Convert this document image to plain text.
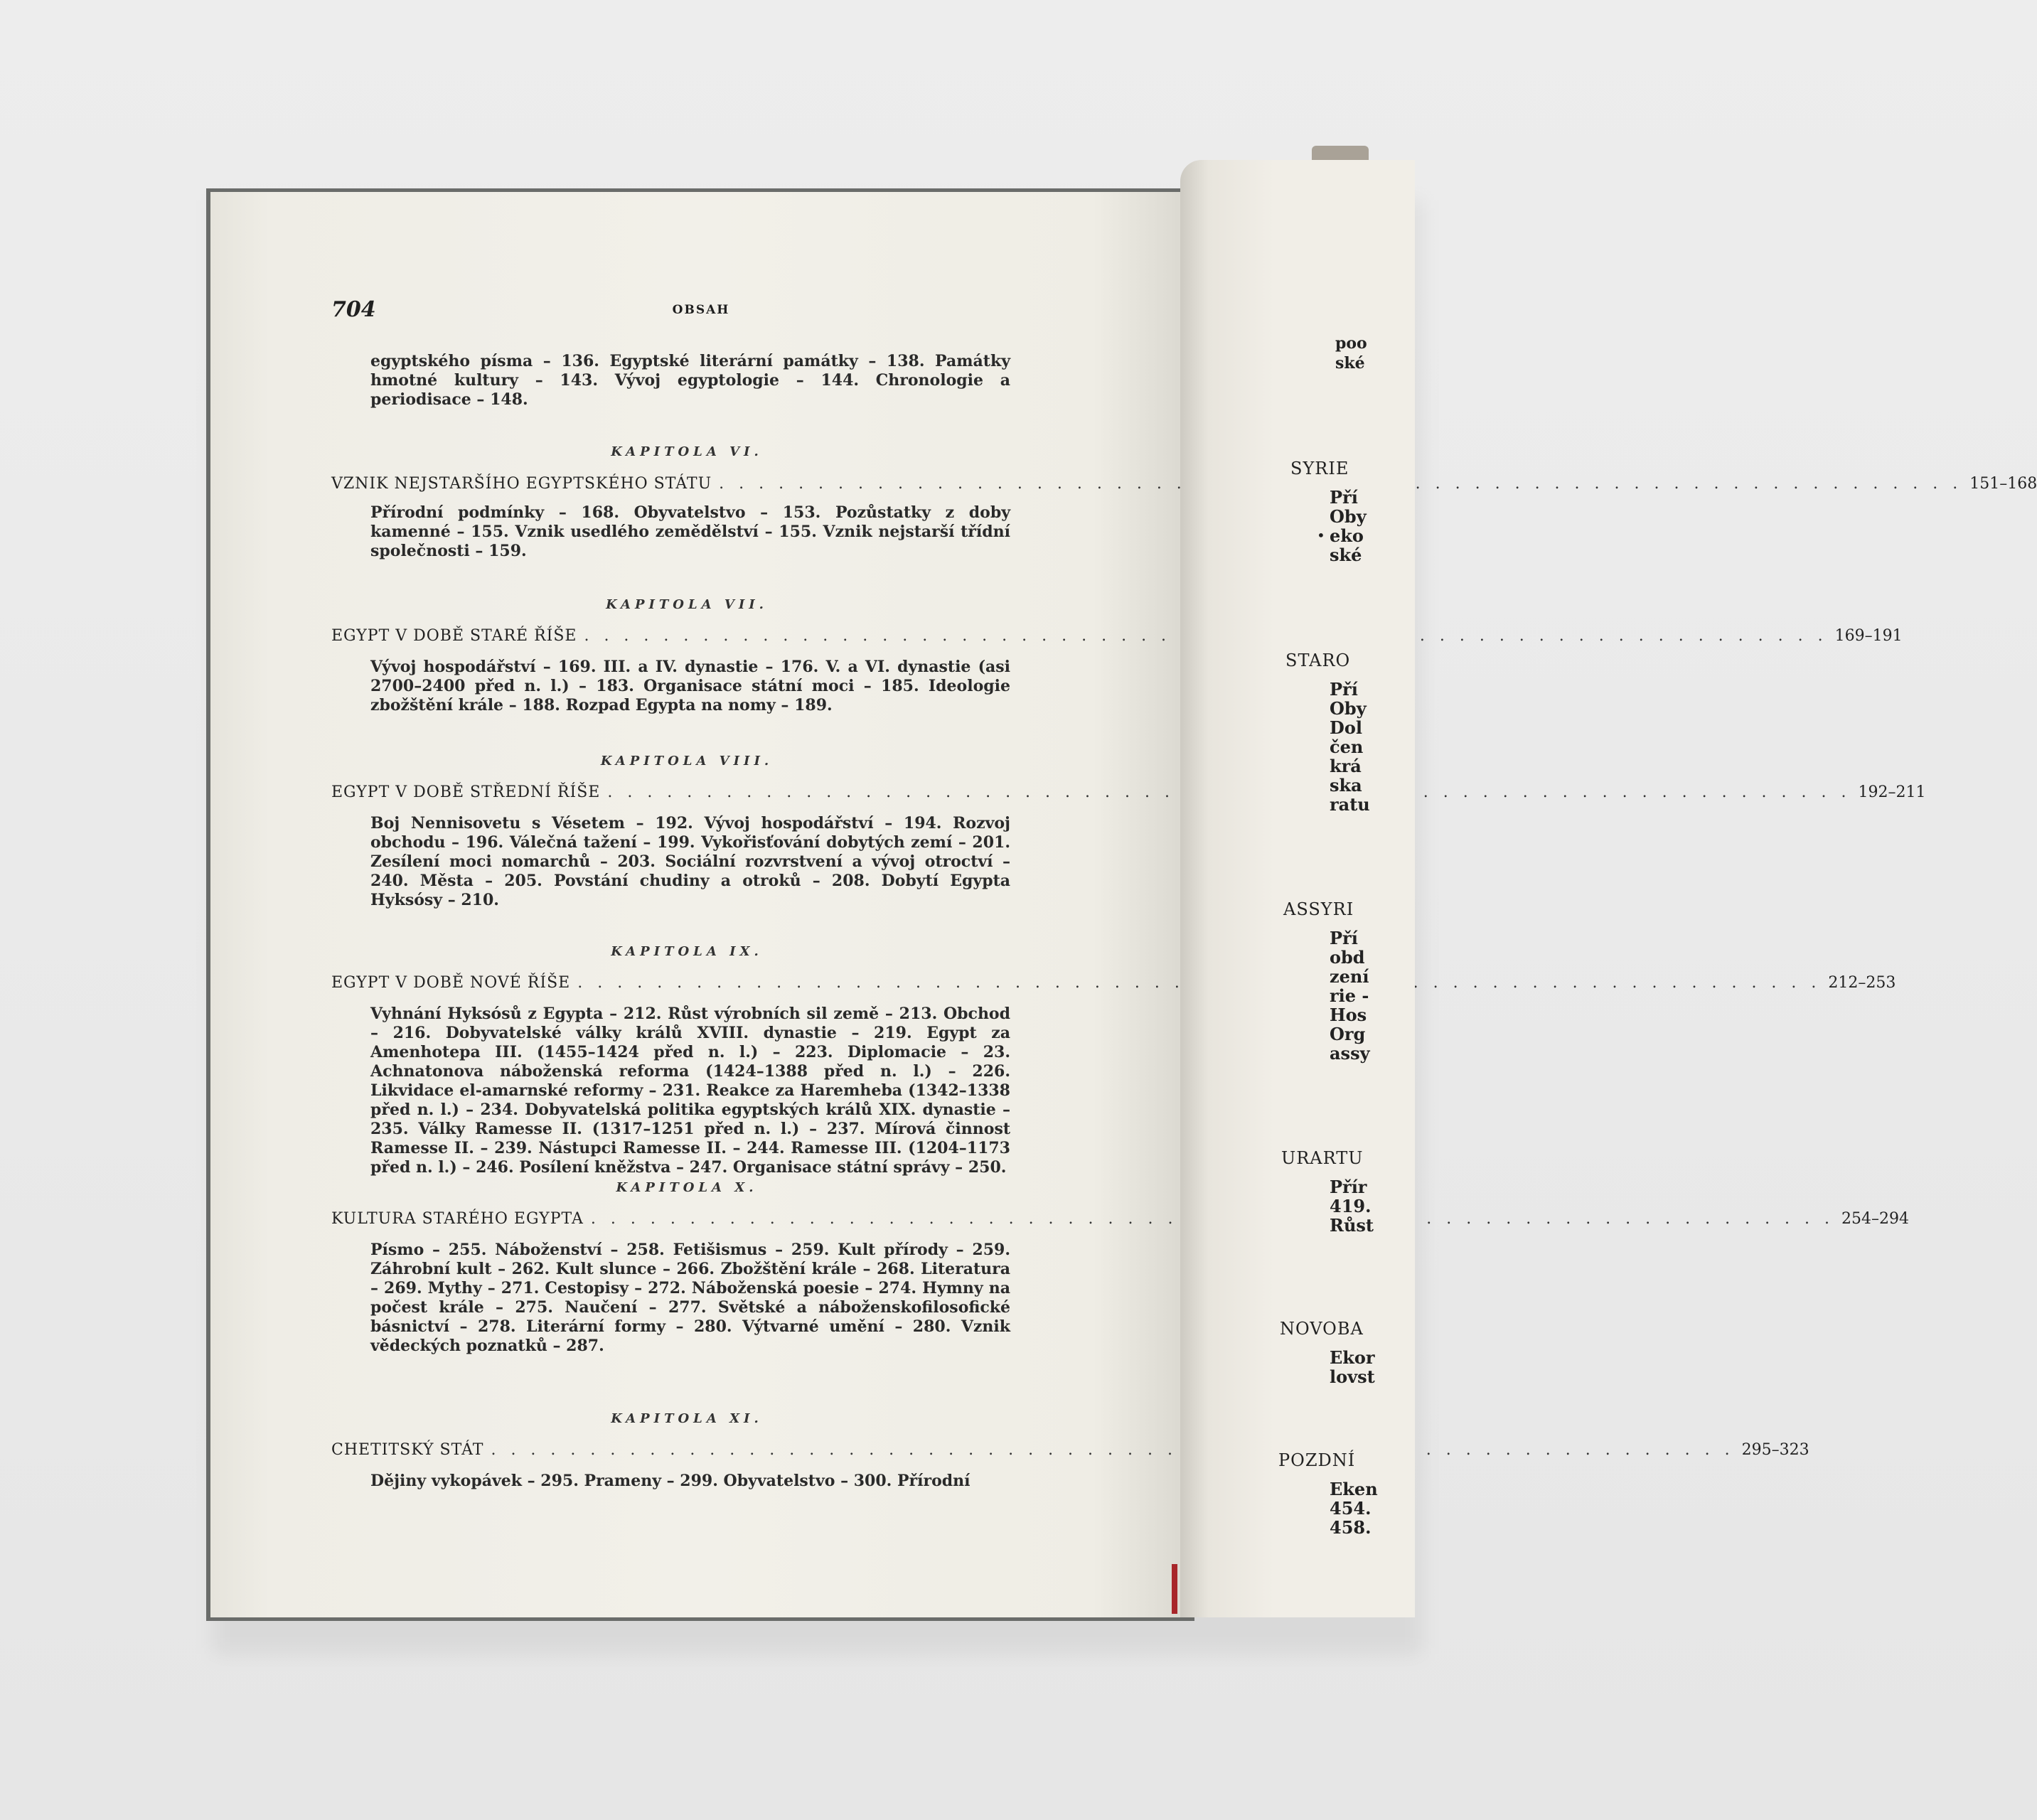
704	OBSAH
egyptského písma – 136. Egyptské literární památky – 138. Památky hmotné kultury – 143. Vývoj egyptologie – 144. Chronologie a periodisace – 148.
KAPITOLA VI.
VZNIK NEJSTARŠÍHO EGYPTSKÉHO STÁTU . . .	151–168
Přírodní podmínky – 168. Obyvatelstvo – 153. Pozůstatky z doby kamenné – 155. Vznik usedlého zemědělství – 155. Vznik nejstarší třídní společnosti – 159.
KAPITOLA VII.
EGYPT V DOBĚ STARÉ ŘÍŠE . . .	169–191
Vývoj hospodářství – 169. III. a IV. dynastie – 176. V. a VI. dynastie (asi 2700–2400 před n. l.) – 183. Organisace státní moci – 185. Ideologie zbožštění krále – 188. Rozpad Egypta na nomy – 189.
KAPITOLA VIII.
EGYPT V DOBĚ STŘEDNÍ ŘÍŠE . . .	192–211
Boj Nennisovetu s Vésetem – 192. Vývoj hospodářství – 194. Rozvoj obchodu – 196. Válečná tažení – 199. Vykořisťování dobytých zemí – 201. Zesílení moci nomarchů – 203. Sociální rozvrstvení a vývoj otroctví – 240. Města – 205. Povstání chudiny a otroků – 208. Dobytí Egypta Hyksósy – 210.
KAPITOLA IX.
EGYPT V DOBĚ NOVÉ ŘÍŠE . . .	212–253
Vyhnání Hyksósů z Egypta – 212. Růst výrobních sil země – 213. Obchod – 216. Dobyvatelské války králů XVIII. dynastie – 219. Egypt za Amenhotepa III. (1455–1424 před n. l.) – 223. Diplomacie – 23. Achnatonova náboženská reforma (1424–1388 před n. l.) – 226. Likvidace el-amarnské reformy – 231. Reakce za Haremheba (1342–1338 před n. l.) – 234. Dobyvatelská politika egyptských králů XIX. dynastie – 235. Války Ramesse II. (1317–1251 před n. l.) – 237. Mírová činnost Ramesse II. – 239. Nástupci Ramesse II. – 244. Ramesse III. (1204–1173 před n. l.) – 246. Posílení kněžstva – 247. Organisace státní správy – 250.
KAPITOLA X.
KULTURA STARÉHO EGYPTA . . .	254–294
Písmo – 255. Náboženství – 258. Fetišismus – 259. Kult přírody – 259. Záhrobní kult – 262. Kult slunce – 266. Zbožštění krále – 268. Literatura – 269. Mythy – 271. Cestopisy – 272. Náboženská poesie – 274. Hymny na počest krále – 275. Naučení – 277. Světské a náboženskofilosofické básnictví – 278. Literární formy – 280. Výtvarné umění – 280. Vznik vědeckých poznatků – 287.
KAPITOLA XI.
CHETITSKÝ STÁT . . .	295–323
Dějiny vykopávek – 295. Prameny – 299. Obyvatelstvo – 300. Přírodní
poo
ské
SYRIE
Pří
Oby
• eko
ské
STARO
Pří
Oby
Dol
čen
krá
ska
ratu
ASSYRI
Pří
obd
zení
rie -
Hos
Org
assy
URARTU
Přír
419.
Růst
NOVOBA
Ekor
lovst
POZDNÍ
Eken
454.
458.
